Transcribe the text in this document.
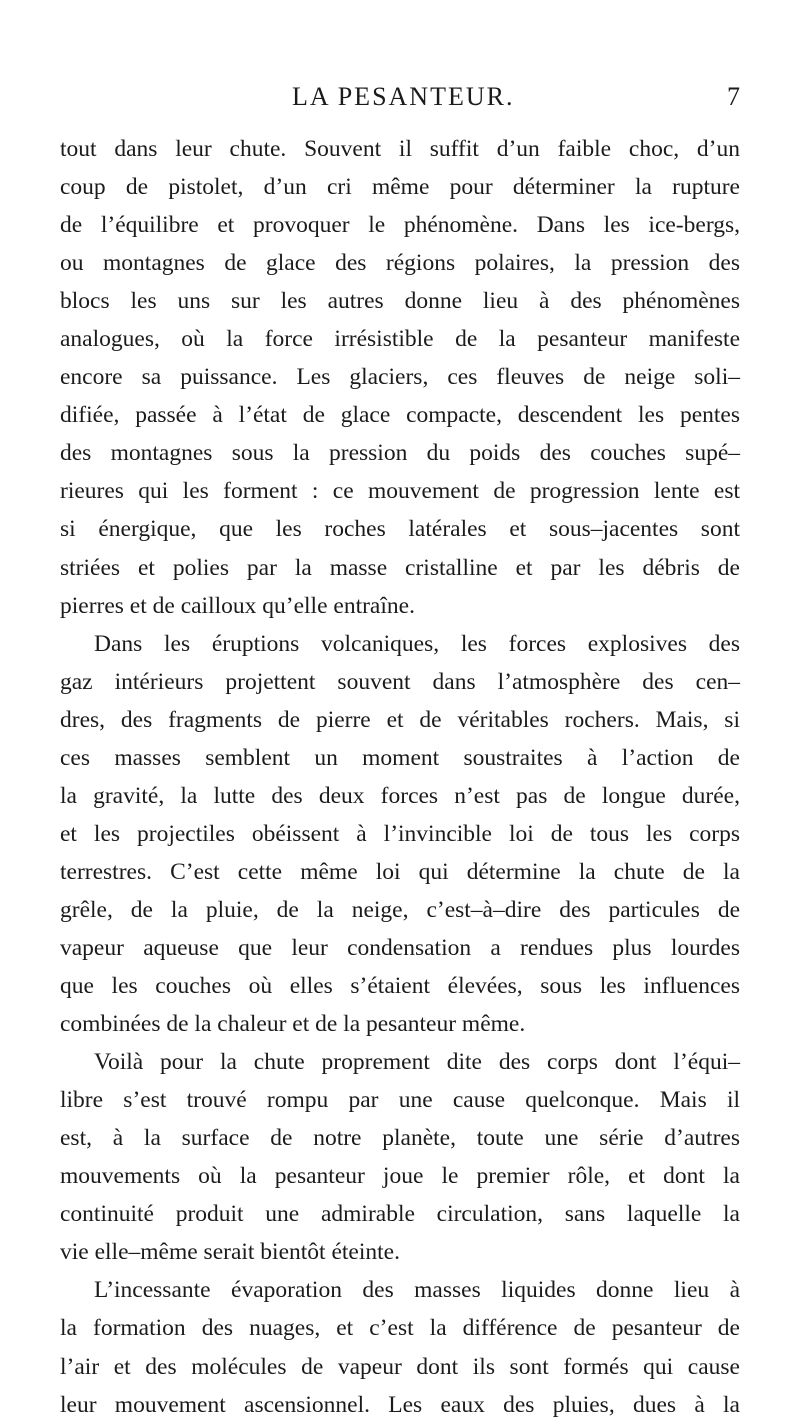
LA PESANTEUR.	7
tout dans leur chute. Souvent il suffit d’un faible choc, d’un
coup de pistolet, d’un cri même pour déterminer la rupture
de l’équilibre et provoquer le phénomène. Dans les ice-bergs,
ou montagnes de glace des régions polaires, la pression des
blocs les uns sur les autres donne lieu à des phénomènes
analogues, où la force irrésistible de la pesanteur manifeste
encore sa puissance. Les glaciers, ces fleuves de neige soli–
difiée, passée à l’état de glace compacte, descendent les pentes
des montagnes sous la pression du poids des couches supé–
rieures qui les forment : ce mouvement de progression lente est
si énergique, que les roches latérales et sous–jacentes sont
striées et polies par la masse cristalline et par les débris de
pierres et de cailloux qu’elle entraîne.
Dans les éruptions volcaniques, les forces explosives des
gaz intérieurs projettent souvent dans l’atmosphère des cen–
dres, des fragments de pierre et de véritables rochers. Mais, si
ces masses semblent un moment soustraites à l’action de
la gravité, la lutte des deux forces n’est pas de longue durée,
et les projectiles obéissent à l’invincible loi de tous les corps
terrestres. C’est cette même loi qui détermine la chute de la
grêle, de la pluie, de la neige, c’est–à–dire des particules de
vapeur aqueuse que leur condensation a rendues plus lourdes
que les couches où elles s’étaient élevées, sous les influences
combinées de la chaleur et de la pesanteur même.
Voilà pour la chute proprement dite des corps dont l’équi–
libre s’est trouvé rompu par une cause quelconque. Mais il
est, à la surface de notre planète, toute une série d’autres
mouvements où la pesanteur joue le premier rôle, et dont la
continuité produit une admirable circulation, sans laquelle la
vie elle–même serait bientôt éteinte.
L’incessante évaporation des masses liquides donne lieu à
la formation des nuages, et c’est la différence de pesanteur de
l’air et des molécules de vapeur dont ils sont formés qui cause
leur mouvement ascensionnel. Les eaux des pluies, dues à la
